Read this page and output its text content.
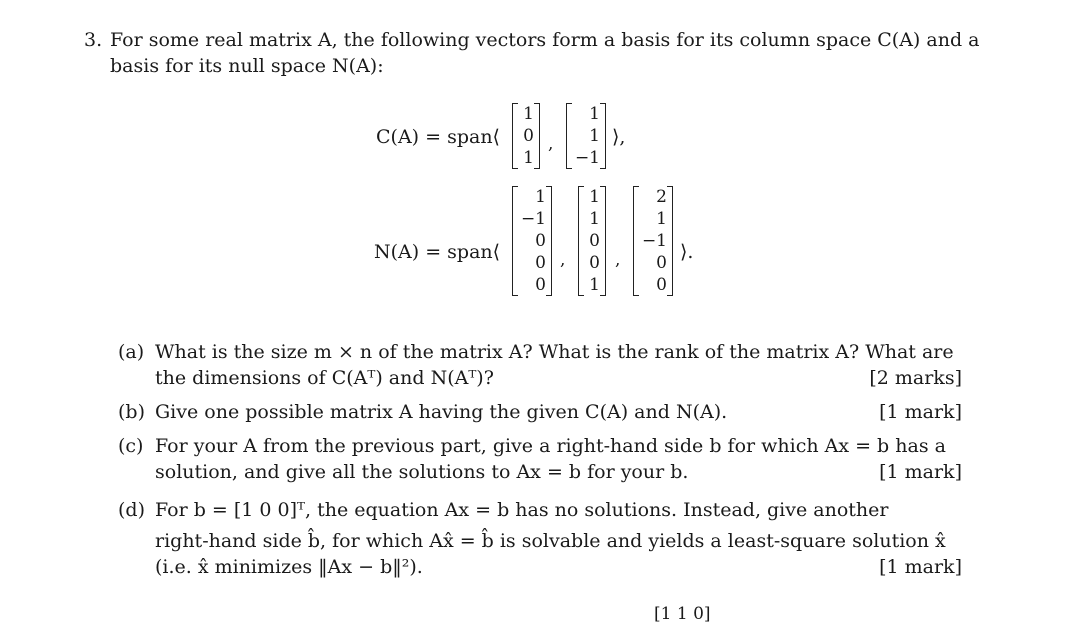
3. For some real matrix A, the following vectors form a basis for its column space C(A) and a
basis for its null space N(A):
C(A) = span⟨
1
0
1
,
1
1
−1
⟩,
N(A) = span⟨
1
−1
0
0
0
,
1
1
0
0
1
,
2
1
−1
0
0
⟩.
(a) What is the size m × n of the matrix A? What is the rank of the matrix A? What are
the dimensions of C(Aᵀ) and N(Aᵀ)?	[2 marks]
(b) Give one possible matrix A having the given C(A) and N(A).	[1 mark]
(c) For your A from the previous part, give a right-hand side b for which Ax = b has a
solution, and give all the solutions to Ax = b for your b.	[1 mark]
(d) For b = [1 0 0]ᵀ, the equation Ax = b has no solutions. Instead, give another
right-hand side b̂, for which Ax̂ = b̂ is solvable and yields a least-square solution x̂
(i.e. x̂ minimizes ‖Ax − b‖²).	[1 mark]
[1 1 0]
